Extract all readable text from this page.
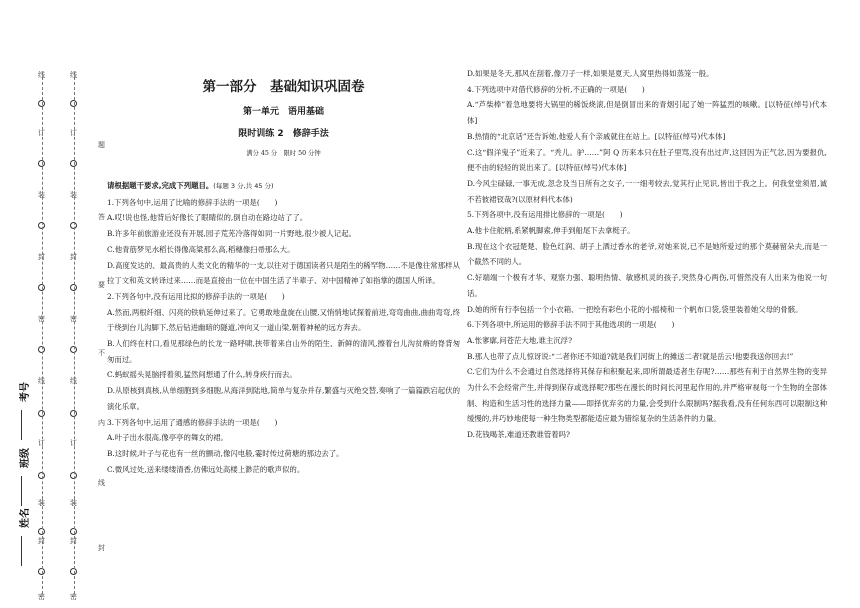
线
订
装
封
密
线
订
装
封
密
线
订
装
封
密
线
订
装
封
密
题
答
要
不
内
线
封
考号
班级
姓名
第一部分　基础知识巩固卷
第一单元　语用基础
限时训练 2　修辞手法
满分 45 分　限时 50 分钟

请根据题干要求,完成下列题目。(每题 3 分,共 45 分)

1.下列各句中,运用了比喻的修辞手法的一项是(　　)

A.哎!说也怪,他背后好像长了眼睛似的,倒自动在路边站了了。

B.许多年前旅游业还没有开展,园子荒芜冷落得如同一片野地,很少被人记起。

C.他青筋梦见水稻长得像高粱那么高,稻穗像扫帚那么大。

D.高度发达的、最高贵的人类文化的精华的一支,以往对于德国读者只是陌生的稀罕物……不是像往常那样从拉丁文和英文转译过来……而是直接由一位在中国生活了半辈子、对中国精神了如指掌的德国人所译。

2.下列各句中,没有运用比拟的修辞手法的一项是(　　)

A.然而,两根纤细、闪亮的铁轨延伸过来了。它勇敢地盘旋在山腰,又悄悄地试探着前进,弯弯曲曲,曲曲弯弯,终于绕到台儿沟脚下,然后钻进幽暗的隧道,冲向又一道山梁,朝着神秘的远方奔去。

B.人们终在村口,看见那绿色的长龙一路呼啸,挟带着来自山外的陌生、新鲜的清风,擦着台儿沟贫瘠的脊背匆匆而过。

C.蚂蚁摇头晃脑捋着须,猛然间想通了什么,转身疾行而去。

D.从原核到真核,从单细胞到多细胞,从海洋到陆地,简单与复杂并存,繁盛与灭绝交替,奏响了一篇篇跌宕起伏的演化乐章。

3.下列各句中,运用了通感的修辞手法的一项是(　　)

A.叶子出水很高,像亭亭的舞女的裙。

B.这时候,叶子与花也有一丝的颤动,像闪电般,霎时传过荷塘的那边去了。

C.微风过处,送来缕缕清香,仿佛远处高楼上渺茫的歌声似的。

D.如果是冬天,那风在刮着,像刀子一样,如果是夏天,人窝里热得如蒸笼一般。

4.下列选项中对借代修辞的分析,不正确的一项是(　　)

A.“芦柴棒”着急地要将大锅里的稀饭烧滚,但是倒冒出来的青烟引起了她一阵猛烈的咳嗽。[以特征(绰号)代本体]

B.热情的“北京话”还告诉她,他爱人有个亲戚就住在站上。[以特征(绰号)代本体]

C.这“假洋鬼子”近来了。“秃儿。驴……”阿 Q 历来本只在肚子里骂,没有出过声,这回因为正气忿,因为要报仇,便不由的轻轻的说出来了。[以特征(绰号)代本体]

D.今风尘碌碌,一事无成,忽念及当日所有之女子,一一细考较去,觉其行止见识,皆出于我之上。何我堂堂须眉,诚不若彼裙钗哉?(以原材料代本体)

5.下列各项中,没有运用排比修辞的一项是(　　)

A.他卡住舵柄,系紧帆脚索,伸手到船尾下去拿梃子。

B.现在这个衣冠楚楚、脸色红润、胡子上洒过香水的老爷,对她来说,已不是她所爱过的那个莫赫留朵夫,而是一个截然不同的人。

C.好端端一个极有才华、观察力强、聪明热情、敏感机灵的孩子,突然身心两伤,可惜然没有人出来为他说一句话。

D.她的所有行李包括一个小衣箱、一把绘有彩色小花的小摇椅和一个帆布口袋,袋里装着她父母的骨骸。

6.下列各项中,所运用的修辞手法不同于其他选项的一项是(　　)

A.怅寥廓,问苍茫大地,谁主沉浮?

B.那人也带了点儿惊讶说:“二者你还不知道?就是我们河街上的摊送二者!就是岳云!他要我送你回去!”

C.它们为什么不会通过自然选择将其保存和积聚起来,即所谓最适者生存呢?……那些有利于自然界生物的变异为什么不会经常产生,并得到保存或选择呢?那些在漫长的时间长河里起作用的,并严格审视每一个生物的全部体制、构造和生活习性的选择力量——即择优弃劣的力量,会受到什么限制吗?据我看,没有任何东西可以限制这种缓慢的,并巧妙地使每一种生物类型都能适应最为错综复杂的生活条件的力量。

D.花钱喝茶,难道还教谁管着吗?
